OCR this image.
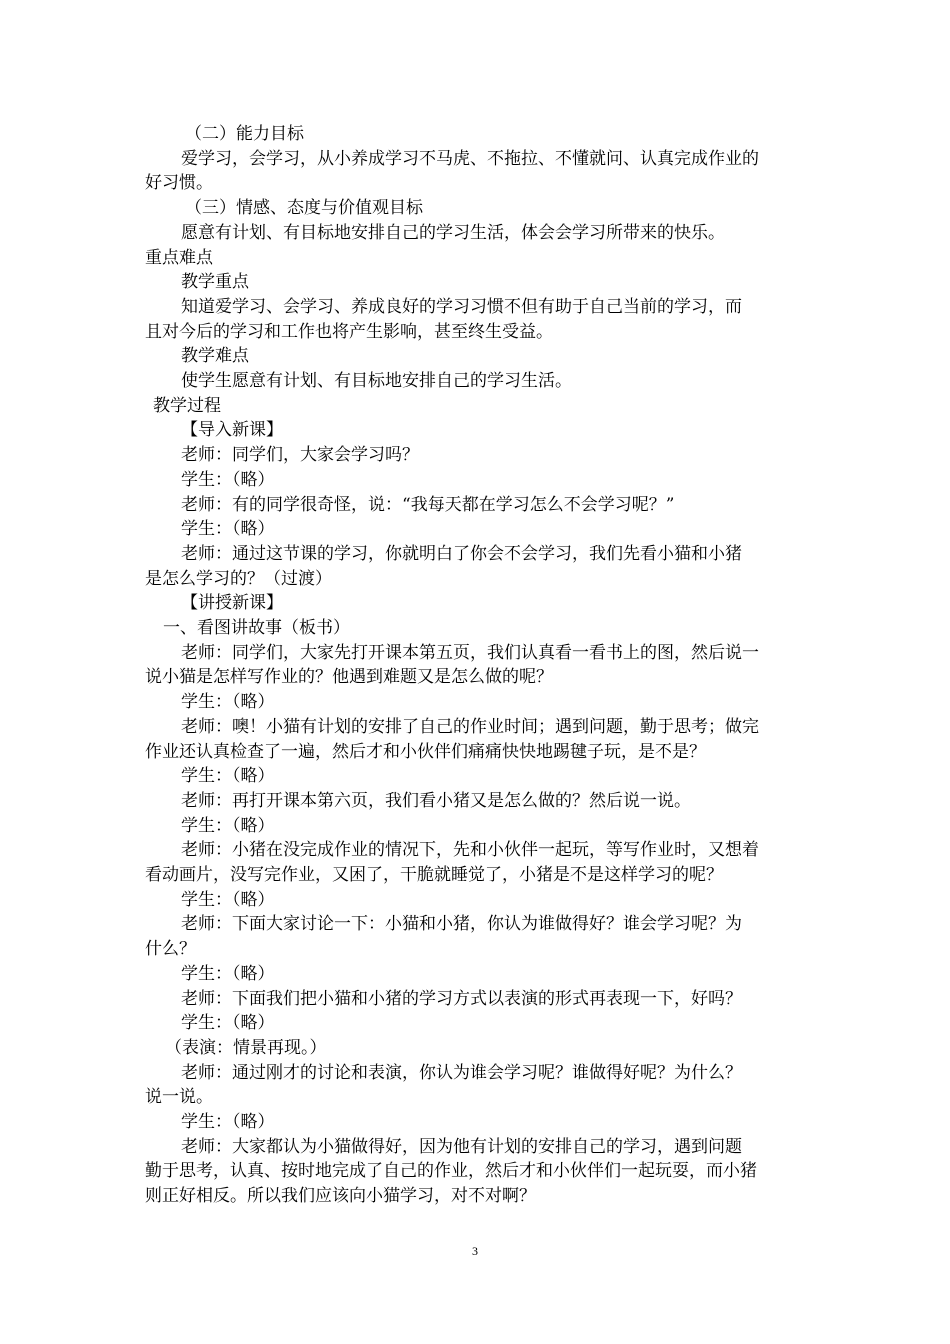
（二）能力目标
爱学习，会学习，从小养成学习不马虎、不拖拉、不懂就问、认真完成作业的
好习惯。
（三）情感、态度与价值观目标
愿意有计划、有目标地安排自己的学习生活，体会会学习所带来的快乐。
重点难点
教学重点
知道爱学习、会学习、养成良好的学习习惯不但有助于自己当前的学习，而
且对今后的学习和工作也将产生影响，甚至终生受益。
教学难点
使学生愿意有计划、有目标地安排自己的学习生活。
教学过程
【导入新课】
老师：同学们，大家会学习吗？
学生：（略）
老师：有的同学很奇怪，说：“我每天都在学习怎么不会学习呢？”
学生：（略）
老师：通过这节课的学习，你就明白了你会不会学习，我们先看小猫和小猪
是怎么学习的？（过渡）
【讲授新课】
一、看图讲故事（板书）
老师：同学们，大家先打开课本第五页，我们认真看一看书上的图，然后说一
说小猫是怎样写作业的？他遇到难题又是怎么做的呢？
学生：（略）
老师：噢！小猫有计划的安排了自己的作业时间；遇到问题，勤于思考；做完
作业还认真检查了一遍，然后才和小伙伴们痛痛快快地踢毽子玩，是不是？
学生：（略）
老师：再打开课本第六页，我们看小猪又是怎么做的？然后说一说。
学生：（略）
老师：小猪在没完成作业的情况下，先和小伙伴一起玩，等写作业时，又想着
看动画片，没写完作业，又困了，干脆就睡觉了，小猪是不是这样学习的呢？
学生：（略）
老师：下面大家讨论一下：小猫和小猪，你认为谁做得好？谁会学习呢？为
什么？
学生：（略）
老师：下面我们把小猫和小猪的学习方式以表演的形式再表现一下，好吗？
学生：（略）
（表演：情景再现。）
老师：通过刚才的讨论和表演，你认为谁会学习呢？谁做得好呢？为什么？
说一说。
学生：（略）
老师：大家都认为小猫做得好，因为他有计划的安排自己的学习，遇到问题
勤于思考，认真、按时地完成了自己的作业，然后才和小伙伴们一起玩耍，而小猪
则正好相反。所以我们应该向小猫学习，对不对啊？
3
